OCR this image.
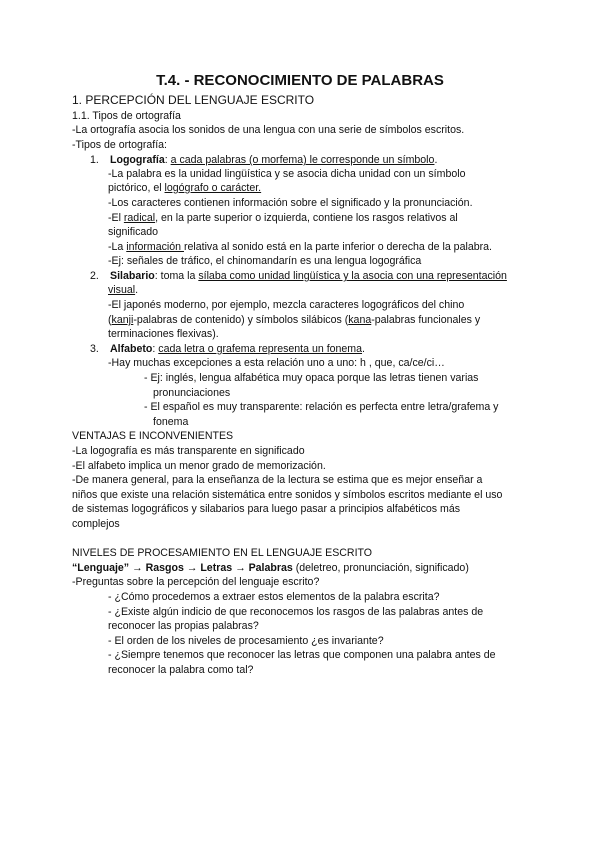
T.4. - RECONOCIMIENTO DE PALABRAS
1. PERCEPCIÓN DEL LENGUAJE ESCRITO
1.1. Tipos de ortografía
-La ortografía asocia los sonidos de una lengua con una serie de símbolos escritos.
-Tipos de ortografía:
1. Logografía: a cada palabras (o morfema) le corresponde un símbolo.
-La palabra es la unidad lingüística y se asocia dicha unidad con un símbolo
pictórico, el logógrafo o carácter.
-Los caracteres contienen información sobre el significado y la pronunciación.
-El radical, en la parte superior o izquierda, contiene los rasgos relativos al
significado
-La información relativa al sonido está en la parte inferior o derecha de la palabra.
-Ej: señales de tráfico, el chinomandarín es una lengua logográfica
2. Silabario: toma la sílaba como unidad lingüística y la asocia con una representación
visual.
-El japonés moderno, por ejemplo, mezcla caracteres logográficos del chino
(kanji-palabras de contenido) y símbolos silábicos (kana-palabras funcionales y
terminaciones flexivas).
3. Alfabeto: cada letra o grafema representa un fonema.
-Hay muchas excepciones a esta relación uno a uno: h , que, ca/ce/ci…
- Ej: inglés, lengua alfabética muy opaca porque las letras tienen varias
pronunciaciones
- El español es muy transparente: relación es perfecta entre letra/grafema y
fonema
VENTAJAS E INCONVENIENTES
-La logografía es más transparente en significado
-El alfabeto implica un menor grado de memorización.
-De manera general, para la enseñanza de la lectura se estima que es mejor enseñar a
niños que existe una relación sistemática entre sonidos y símbolos escritos mediante el uso
de sistemas logográficos y silabarios para luego pasar a principios alfabéticos más
complejos
NIVELES DE PROCESAMIENTO EN EL LENGUAJE ESCRITO
“Lenguaje” → Rasgos → Letras → Palabras (deletreo, pronunciación, significado)
-Preguntas sobre la percepción del lenguaje escrito?
- ¿Cómo procedemos a extraer estos elementos de la palabra escrita?
- ¿Existe algún indicio de que reconocemos los rasgos de las palabras antes de
reconocer las propias palabras?
- El orden de los niveles de procesamiento ¿es invariante?
- ¿Siempre tenemos que reconocer las letras que componen una palabra antes de
reconocer la palabra como tal?
